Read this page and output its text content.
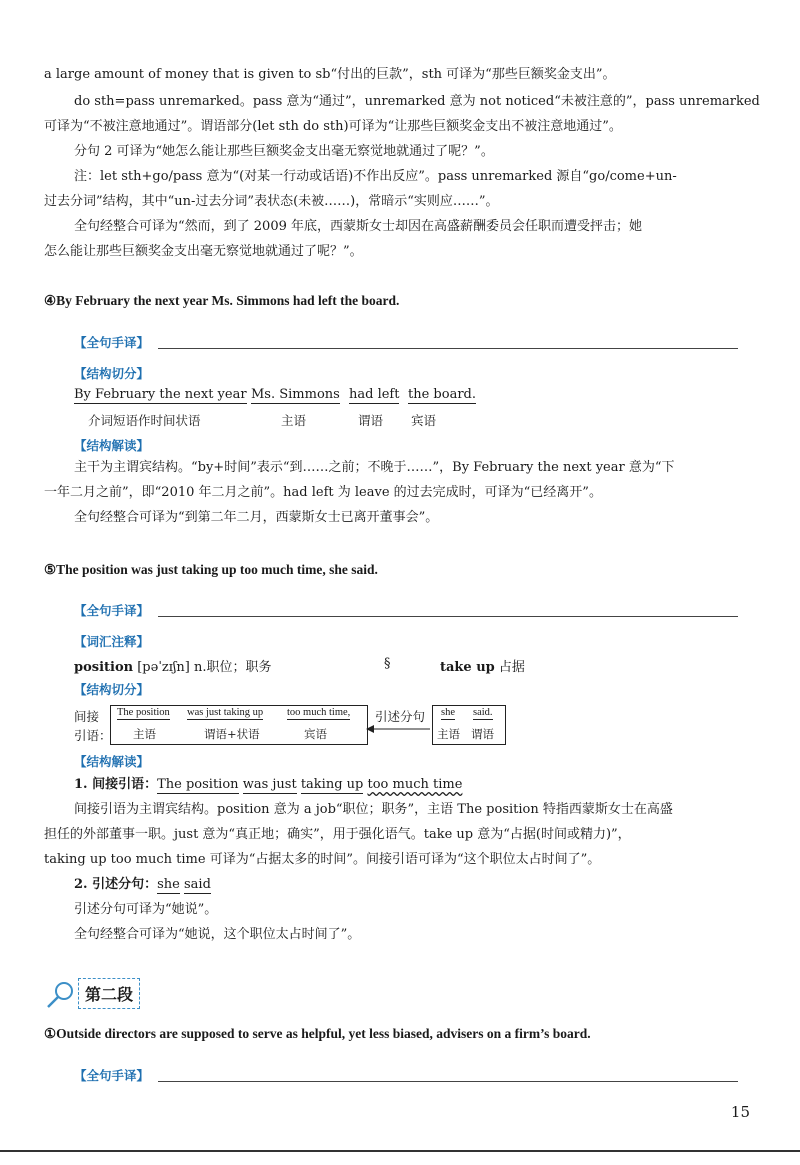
a large amount of money that is given to sb“付出的巨款”，sth 可译为“那些巨额奖金支出”。
do sth=pass unremarked。pass 意为“通过”，unremarked 意为 not noticed“未被注意的”，pass unremarked
可译为“不被注意地通过”。谓语部分(let sth do sth)可译为“让那些巨额奖金支出不被注意地通过”。
分句 2 可译为“她怎么能让那些巨额奖金支出毫无察觉地就通过了呢？”。
注：let sth+go/pass 意为“(对某一行动或话语)不作出反应”。pass unremarked 源自“go/come+un-
过去分词”结构，其中“un-过去分词”表状态(未被……)，常暗示“实则应……”。
全句经整合可译为“然而，到了 2009 年底，西蒙斯女士却因在高盛薪酬委员会任职而遭受抨击；她
怎么能让那些巨额奖金支出毫无察觉地就通过了呢？”。
④By February the next year Ms. Simmons had left the board.
【全句手译】
【结构切分】
By February the next year Ms. Simmons had left the board.
介词短语作时间状语	主语	谓语 宾语
【结构解读】
主干为主谓宾结构。“by+时间”表示“到……之前；不晚于……”，By February the next year 意为“下
一年二月之前”，即“2010 年二月之前”。had left 为 leave 的过去完成时，可译为“已经离开”。
全句经整合可译为“到第二年二月，西蒙斯女士已离开董事会”。
⑤The position was just taking up too much time, she said.
【全句手译】
【词汇注释】
position [pəˈzɪʃn] n.职位；职务	§	take up 占据
【结构切分】
间接
引语：
The position was just taking up too much time,
主语	谓语+状语	宾语
引述分句 she said.
主语 谓语
【结构解读】
1. 间接引语：The position was just taking up too much time
间接引语为主谓宾结构。position 意为 a job“职位；职务”，主语 The position 特指西蒙斯女士在高盛
担任的外部董事一职。just 意为“真正地；确实”，用于强化语气。take up 意为“占据(时间或精力)”，
taking up too much time 可译为“占据太多的时间”。间接引语可译为“这个职位太占时间了”。
2. 引述分句：she said
引述分句可译为“她说”。
全句经整合可译为“她说，这个职位太占时间了”。
第二段
①Outside directors are supposed to serve as helpful, yet less biased, advisers on a firm’s board.
【全句手译】
15
